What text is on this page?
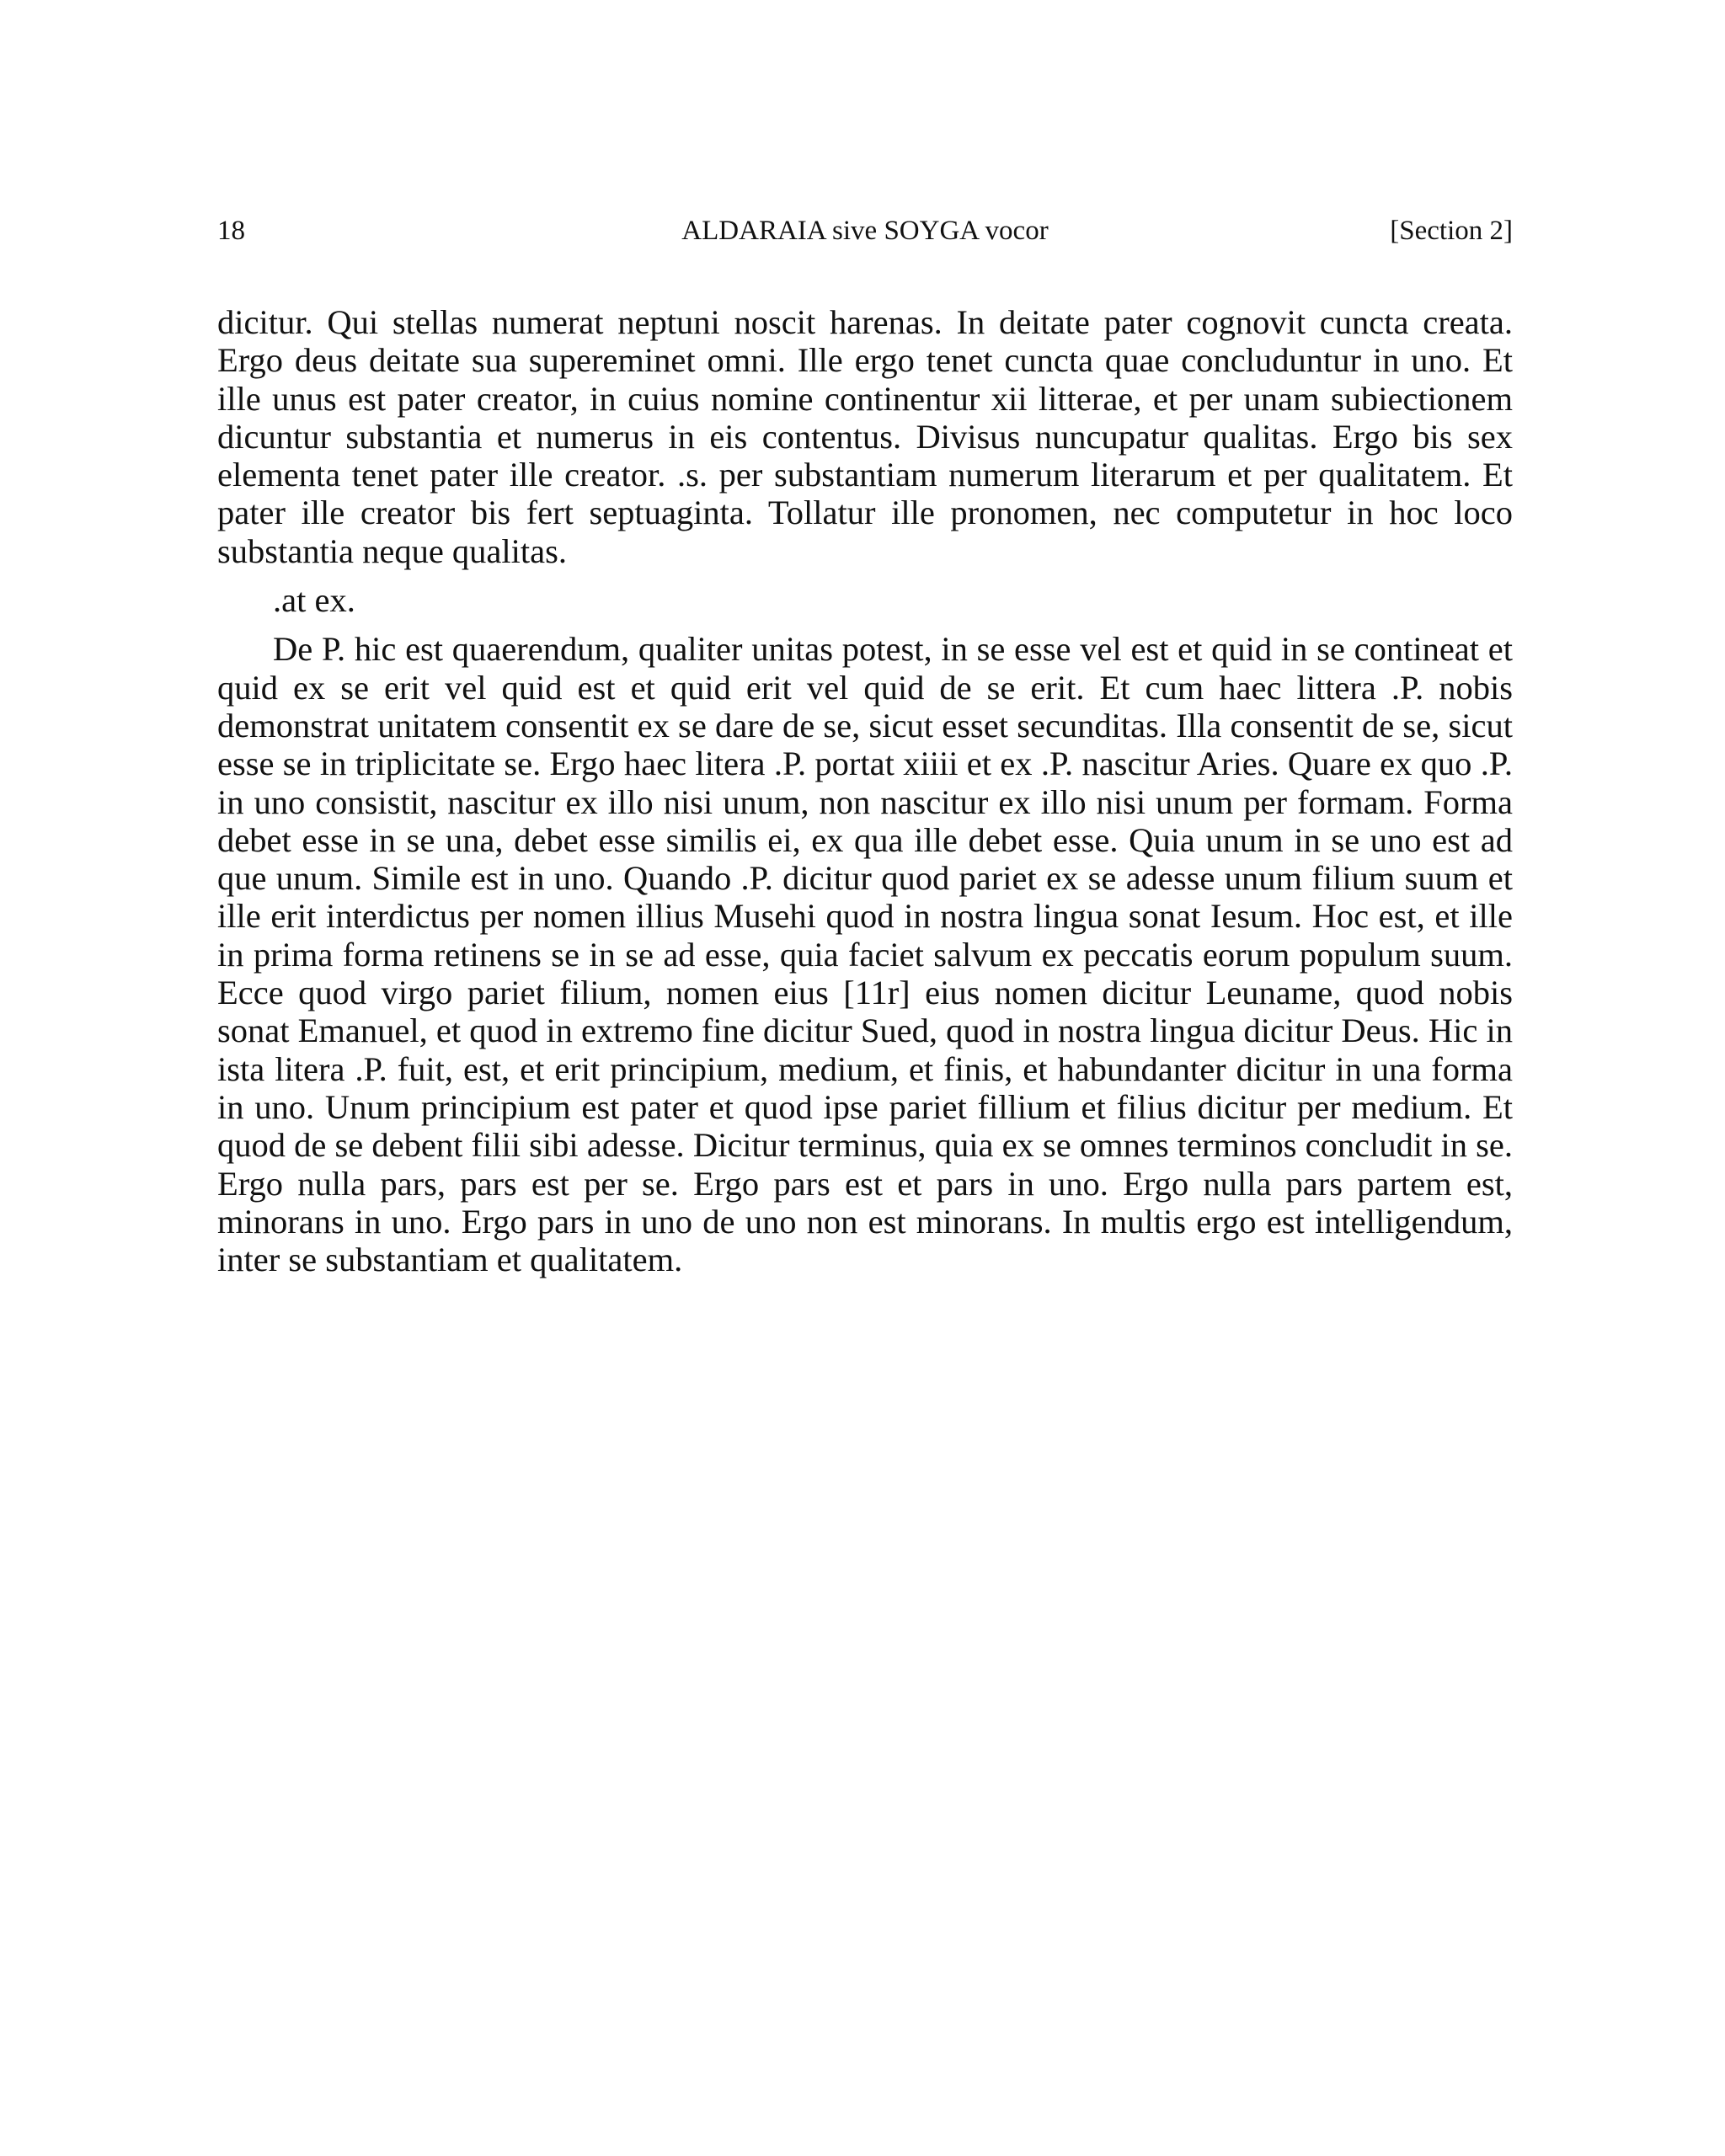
18	ALDARAIA sive SOYGA vocor	[Section 2]

dicitur. Qui stellas numerat neptuni noscit harenas. In deitate pater cognovit cuncta creata. Ergo deus deitate sua supereminet omni. Ille ergo tenet cuncta quae concluduntur in uno. Et ille unus est pater creator, in cuius nomine continentur xii litterae, et per unam subiectionem dicuntur substantia et numerus in eis contentus. Divisus nuncupatur qualitas. Ergo bis sex elementa tenet pater ille creator. .s. per substantiam numerum literarum et per qualitatem. Et pater ille creator bis fert septuaginta. Tollatur ille pronomen, nec computetur in hoc loco substantia neque qualitas.

.at ex.

De P. hic est quaerendum, qualiter unitas potest, in se esse vel est et quid in se contineat et quid ex se erit vel quid est et quid erit vel quid de se erit. Et cum haec littera .P. nobis demonstrat unitatem consentit ex se dare de se, sicut esset secunditas. Illa consentit de se, sicut esse se in triplicitate se. Ergo haec litera .P. portat xiiii et ex .P. nascitur Aries. Quare ex quo .P. in uno consistit, nascitur ex illo nisi unum, non nascitur ex illo nisi unum per formam. Forma debet esse in se una, debet esse similis ei, ex qua ille debet esse. Quia unum in se uno est ad que unum. Simile est in uno. Quando .P. dicitur quod pariet ex se adesse unum filium suum et ille erit interdictus per nomen illius Musehi quod in nostra lingua sonat Iesum. Hoc est, et ille in prima forma retinens se in se ad esse, quia faciet salvum ex peccatis eorum populum suum. Ecce quod virgo pariet filium, nomen eius [11r] eius nomen dicitur Leuname, quod nobis sonat Emanuel, et quod in extremo fine dicitur Sued, quod in nostra lingua dicitur Deus. Hic in ista litera .P. fuit, est, et erit principium, medium, et finis, et habundanter dicitur in una forma in uno. Unum principium est pater et quod ipse pariet fillium et filius dicitur per medium. Et quod de se debent filii sibi adesse. Dicitur terminus, quia ex se omnes terminos concludit in se. Ergo nulla pars, pars est per se. Ergo pars est et pars in uno. Ergo nulla pars partem est, minorans in uno. Ergo pars in uno de uno non est minorans. In multis ergo est intelligendum, inter se substantiam et qualitatem.
